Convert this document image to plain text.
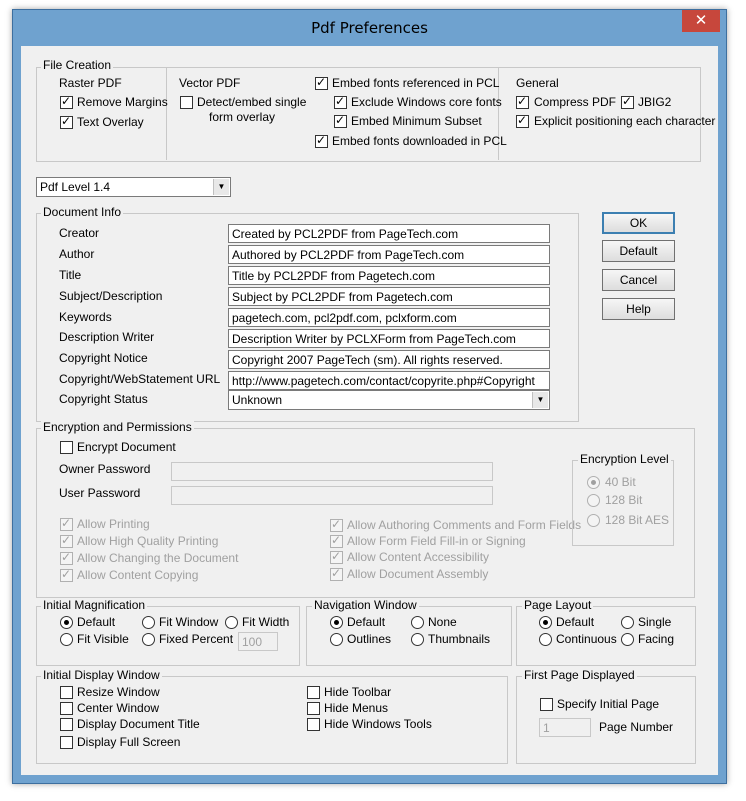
Pdf Preferences	✕
File Creation
Raster PDF
✓
Remove Margins
✓
Text Overlay
Vector PDF
Detect/embed single
form overlay
✓
Embed fonts referenced in PCL
✓
Exclude Windows core fonts
✓
Embed Minimum Subset
✓
Embed fonts downloaded in PCL
General
✓
Compress PDF
✓ JBIG2
✓
Explicit positioning each character
Pdf Level 1.4	▼
Document Info
Creator	Created by PCL2PDF from PageTech.com
Author	Authored by PCL2PDF from PageTech.com
Title	Title by PCL2PDF from Pagetech.com
Subject/Description	Subject by PCL2PDF from Pagetech.com
Keywords	pagetech.com, pcl2pdf.com, pclxform.com
Description Writer	Description Writer by PCLXForm from PageTech.com
Copyright Notice	Copyright 2007 PageTech (sm). All rights reserved.
Copyright/WebStatement URL http://www.pagetech.com/contact/copyrite.php#Copyright
Copyright Status	Unknown	▼
OK
Default
Cancel
Help
Encryption and Permissions
Encrypt Document
Owner Password
User Password
✓
Allow Printing
✓
Allow High Quality Printing
✓
Allow Changing the Document
✓
Allow Content Copying
✓
Allow Authoring Comments and Form Fields
✓
Allow Form Field Fill-in or Signing
✓
Allow Content Accessibility
✓
Allow Document Assembly
Encryption Level
40 Bit
128 Bit
128 Bit AES
Initial Magnification
Default	Fit Window Fit Width
Fit Visible	Fixed Percent 100
Navigation Window
Default	None
Outlines	Thumbnails
Page Layout
Default	Single
Continuous Facing
Initial Display Window
Resize Window
Center Window
Display Document Title
Display Full Screen
Hide Toolbar
Hide Menus
Hide Windows Tools
First Page Displayed
Specify Initial Page
1	Page Number
